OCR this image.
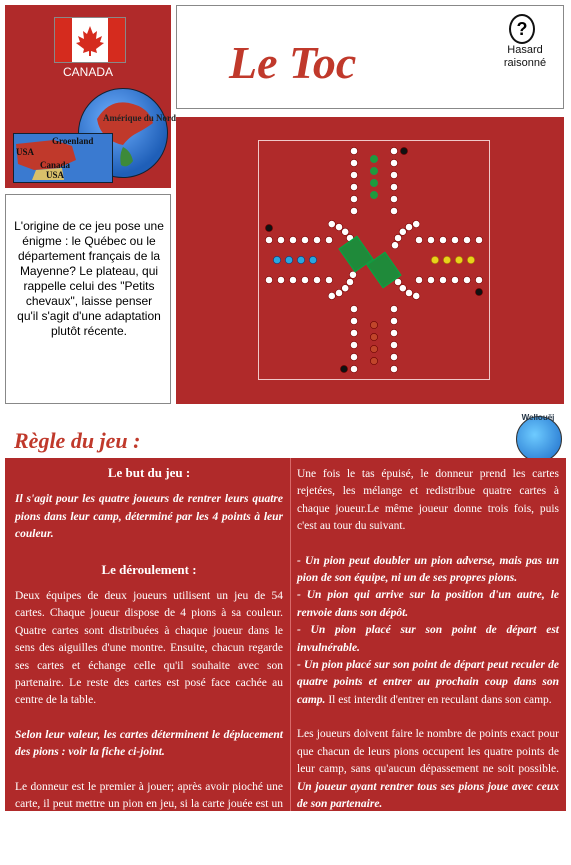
CANADA
Amérique du Nord
Groenland
USA
Canada
USA
Le Toc
?
Hasard
raisonné
L'origine de ce jeu pose une énigme : le Québec ou le département français de la Mayenne? Le plateau, qui rappelle celui des "Petits chevaux", laisse penser qu'il s'agit d'une adaptation plutôt récente.
Règle du jeu :
Wellouëj
Le but du jeu :

Il s'agit pour les quatre joueurs de rentrer leurs quatre pions dans leur camp, déterminé par les 4 points à leur couleur.

Le déroulement :

Deux équipes de deux joueurs utilisent un jeu de 54 cartes. Chaque joueur dispose de 4 pions à sa couleur. Quatre cartes sont distribuées à chaque joueur dans le sens des aiguilles d'une montre. Ensuite, chacun regarde ses cartes et échange celle qu'il souhaite avec son partenaire. Le reste des cartes est posé face cachée au centre de la table.

Selon leur valeur, les cartes déterminent le déplacement des pions : voir la fiche ci-joint.

Le donneur est le premier à jouer; après avoir pioché une carte, il peut mettre un pion en jeu, si la carte jouée est un as, un roi ou un joker. Les cartes utilisées ou non sont rejetées.

Une fois le tas épuisé, le donneur prend les cartes rejetées, les mélange et redistribue quatre cartes à chaque joueur.Le même joueur donne trois fois, puis c'est au tour du suivant.

- Un pion peut doubler un pion adverse, mais pas un pion de son équipe, ni un de ses propres pions.

- Un pion qui arrive sur la position d'un autre, le renvoie dans son dépôt.

- Un pion placé sur son point de départ est invulnérable.

- Un pion placé sur son point de départ peut reculer de quatre points et entrer au prochain coup dans son camp. Il est interdit d'entrer en reculant dans son camp.

Les joueurs doivent faire le nombre de points exact pour que chacun de leurs pions occupent les quatre points de leur camp, sans qu'aucun dépassement ne soit possible. Un joueur ayant rentrer tous ses pions joue avec ceux de son partenaire.
